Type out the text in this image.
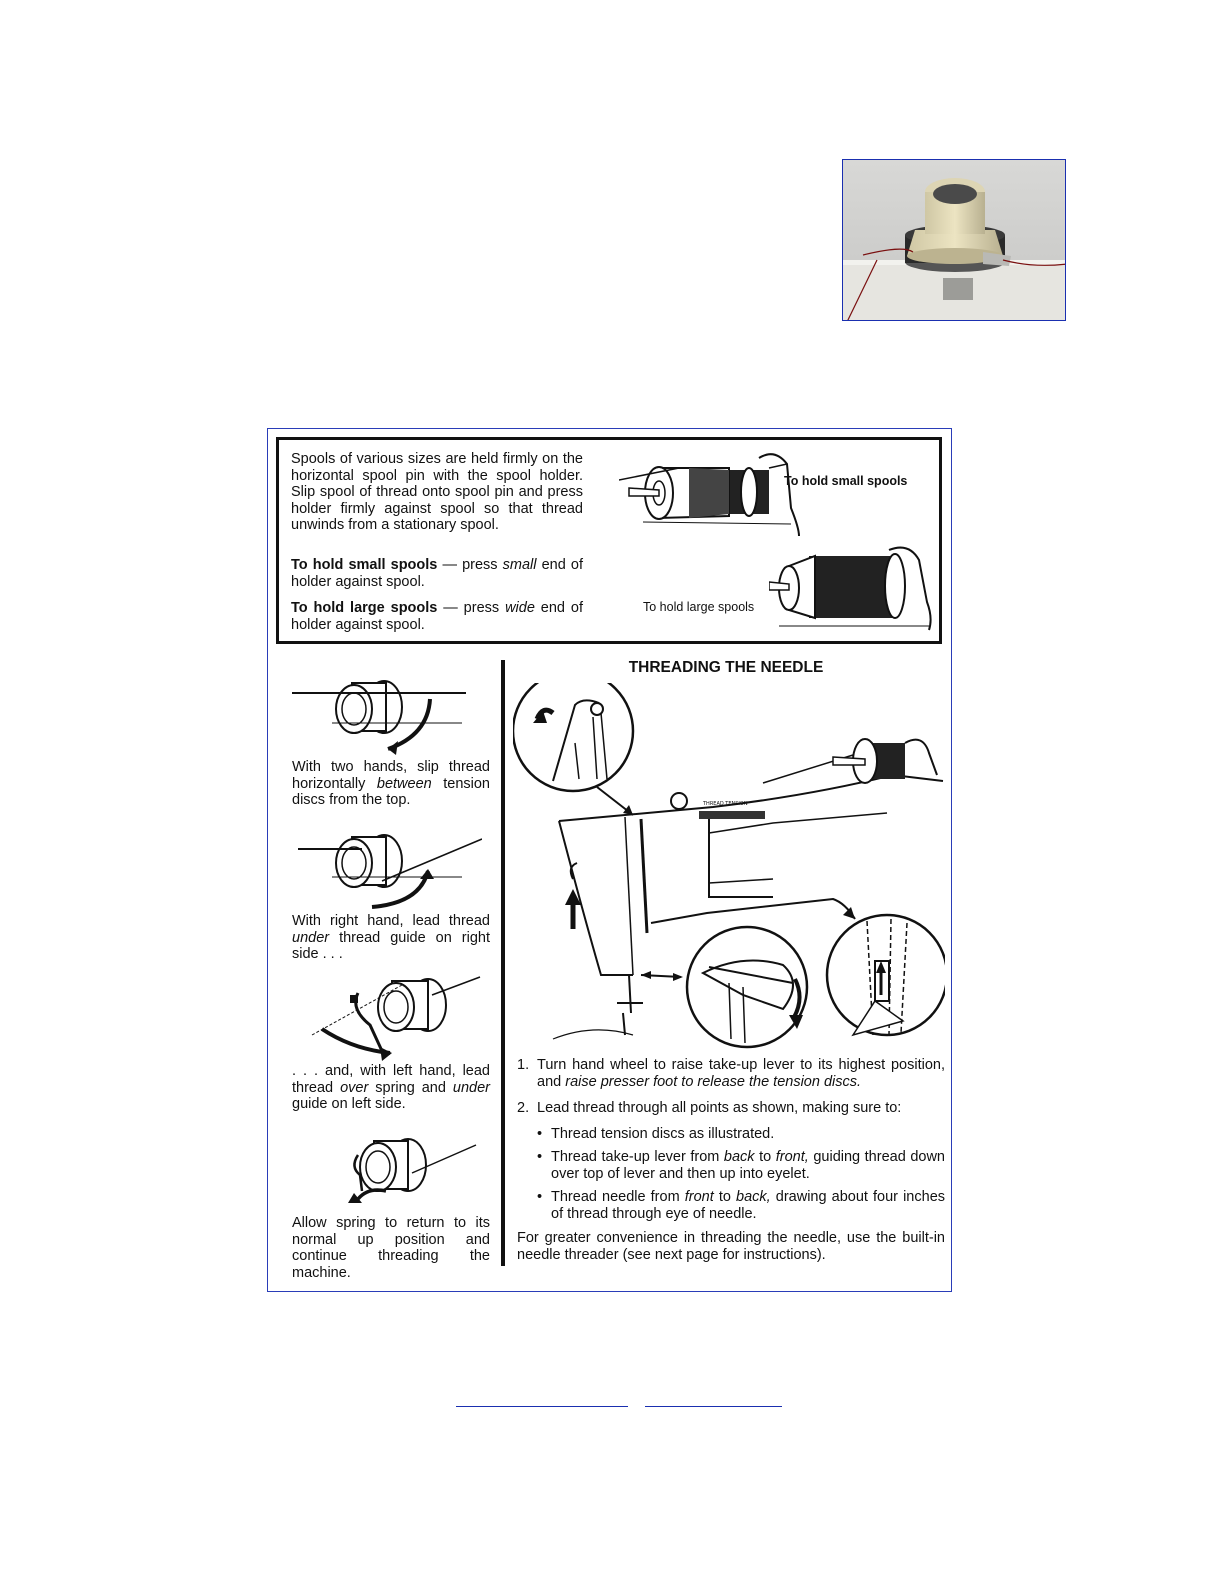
Spools of various sizes are held firmly on the horizontal spool pin with the spool holder. Slip spool of thread onto spool pin and press holder firmly against spool so that thread unwinds from a stationary spool.

To hold small spools — press small end of holder against spool.

To hold large spools — press wide end of holder against spool.

To hold small spools
To hold large spools

With two hands, slip thread horizontally between tension discs from the top.

With right hand, lead thread under thread guide on right side . . .

. . . and, with left hand, lead thread over spring and under guide on left side.

Allow spring to return to its normal up position and continue threading the machine.

THREADING THE NEEDLE
THREAD TENSION

1. Turn hand wheel to raise take-up lever to its highest position, and raise presser foot to release the tension discs.

2. Lead thread through all points as shown, making sure to:

• Thread tension discs as illustrated.

• Thread take-up lever from back to front, guiding thread down over top of lever and then up into eyelet.

• Thread needle from front to back, drawing about four inches of thread through eye of needle.

For greater convenience in threading the needle, use the built-in needle threader (see next page for instructions).
